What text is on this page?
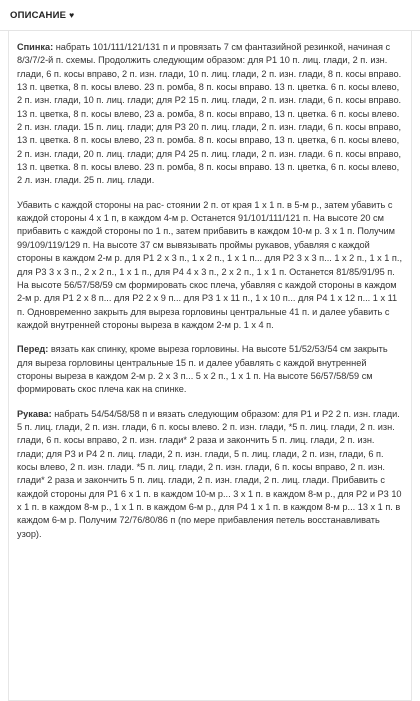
ОПИСАНИЕ ♥

Спинка: набрать 101/111/121/131 п и провязать 7 см фантазийной резинкой, начиная с 8/3/7/2-й п. схемы. Продолжить следующим образом: для Р1 10 п. лиц. глади, 2 п. изн. глади, 6 п. косы вправо, 2 п. изн. глади, 10 п. лиц. глади, 2 п. изн. глади, 8 п. косы вправо. 13 п. цветка, 8 п. косы влево. 23 п. ромба, 8 п. косы вправо. 13 п. цветка. 6 п. косы влево, 2 п. изн. глади, 10 п. лиц. глади; для Р2 15 п. лиц. глади, 2 п. изн. глади, 6 п. косы вправо. 13 п. цветка, 8 п. косы влево, 23 а. ромба, 8 п. косы вправо, 13 п. цветка. 6 п. косы влево. 2 п. изн. глади. 15 п. лиц. глади; для Р3 20 п. лиц. глади, 2 п. изн. глади, 6 п. косы вправо, 13 п. цветка. 8 п. косы влево, 23 п. ромба. 8 п. косы вправо, 13 п. цветка, 6 п. косы влево, 2 п. изн. глади, 20 п. лиц. глади; для Р4 25 п. лиц. глади, 2 п. изн. глади. 6 п. косы вправо, 13 п. цветка. 8 п. косы влево. 23 п. ромба, 8 п. косы вправо. 13 п. цветка, 6 п. косы влево, 2 л. изн. глади. 25 п. лиц. глади.

Убавить с каждой стороны на рас- стоянии 2 п. от края 1 х 1 п. в 5-м р., затем убавить с каждой стороны 4 х 1 п, в каждом 4-м р. Останется 91/101/111/121 п. На высоте 20 см прибавить с каждой стороны по 1 п., затем прибавить в каждом 10-м р. 3 х 1 п. Получим 99/109/119/129 п. На высоте 37 см вывязывать проймы рукавов, убавляя с каждой стороны в каждом 2-м р. для Р1 2 х 3 п., 1 х 2 п., 1 х 1 п... для Р2 3 х 3 п... 1 х 2 п., 1 х 1 п., для Р3 3 х 3 п., 2 х 2 п., 1 х 1 п., для Р4 4 х 3 п., 2 х 2 п., 1 х 1 п. Останется 81/85/91/95 п. На высоте 56/57/58/59 см формировать скос плеча, убавляя с каждой стороны в каждом 2-м р. для Р1 2 х 8 п... для Р2 2 х 9 п... для Р3 1 х 11 п., 1 х 10 п... для Р4 1 х 12 п... 1 х 11 п. Одновременно закрыть для выреза горловины центральные 41 п. и далее убавить с каждой внутренней стороны выреза в каждом 2-м р. 1 х 4 п.

Перед: вязать как спинку, кроме выреза горловины. На высоте 51/52/53/54 см закрыть для выреза горловины центральные 15 п. и далее убавлять с каждой внутренней стороны выреза в каждом 2-м р. 2 х 3 п... 5 х 2 п., 1 х 1 п. На высоте 56/57/58/59 см формировать скос плеча как на спинке.

Рукава: набрать 54/54/58/58 п и вязать следующим образом: для Р1 и Р2 2 п. изн. глади. 5 п. лиц. глади, 2 п. изн. глади, 6 п. косы влево. 2 п. изн. глади, *5 п. лиц. глади, 2 п. изн. глади, 6 п. косы вправо, 2 п. изн. глади* 2 раза и закончить 5 п. лиц. глади, 2 п. изн. глади; для Р3 и Р4 2 п. лиц. глади, 2 п. изн. глади, 5 п. лиц. глади, 2 п. изн, глади, 6 п. косы влево, 2 п. изн. глади. *5 п. лиц. глади, 2 п. изн. глади, 6 п. косы вправо, 2 п. изн. глади* 2 раза и закончить 5 п. лиц. глади, 2 п. изн. глади, 2 п. лиц. глади. Прибавить с каждой стороны для Р1 6 х 1 п. в каждом 10-м р... 3 х 1 п. в каждом 8-м р., для Р2 и Р3 10 х 1 п. в каждом 8-м р., 1 х 1 п. в каждом 6-м р., для Р4 1 х 1 п. в каждом 8-м р... 13 х 1 п. в каждом 6-м р. Получим 72/76/80/86 п (по мере прибавления петель восстанавливать узор).
